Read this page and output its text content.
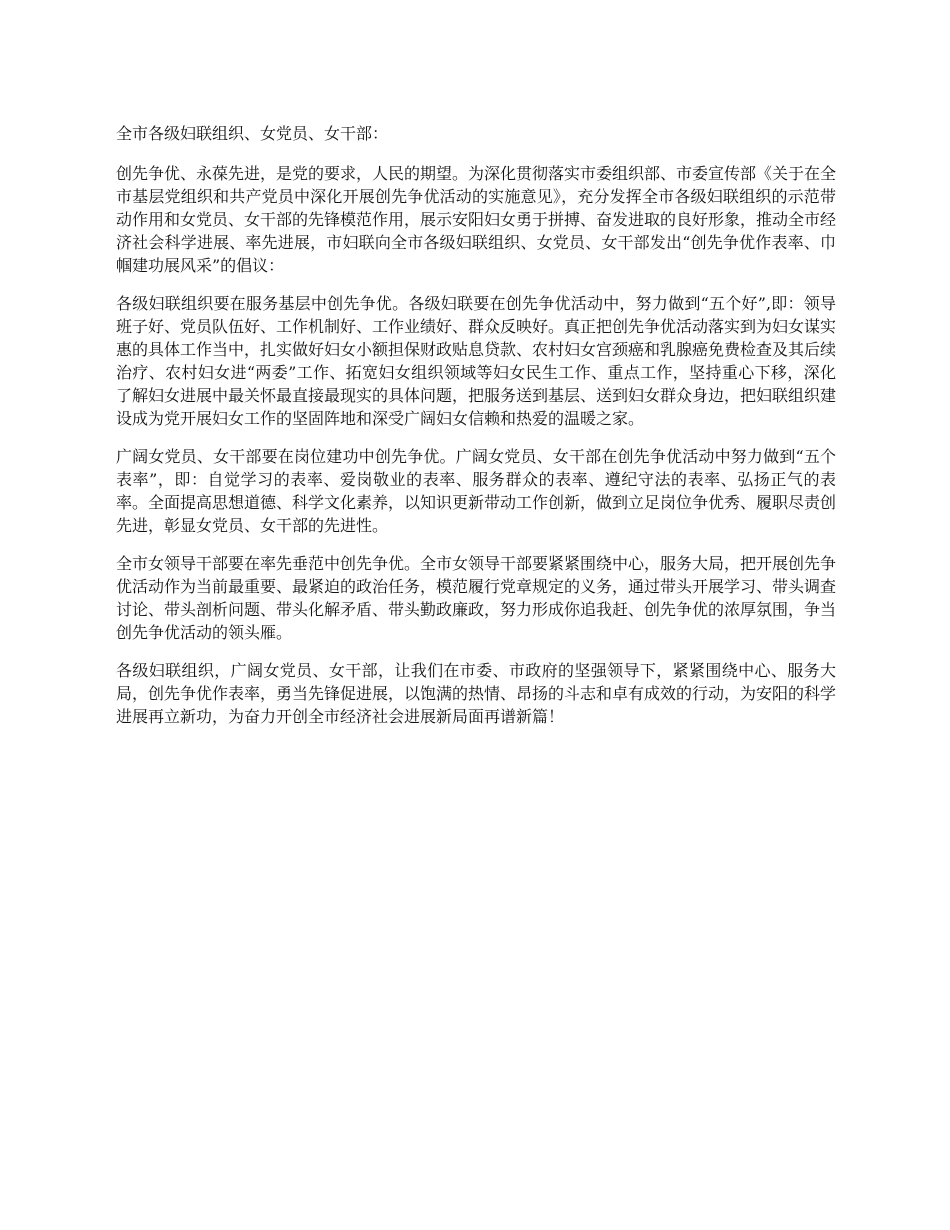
全市各级妇联组织、女党员、女干部：

创先争优、永葆先进，是党的要求，人民的期望。为深化贯彻落实市委组织部、市委宣传部《关于在全市基层党组织和共产党员中深化开展创先争优活动的实施意见》，充分发挥全市各级妇联组织的示范带动作用和女党员、女干部的先锋模范作用，展示安阳妇女勇于拼搏、奋发进取的良好形象，推动全市经济社会科学进展、率先进展，市妇联向全市各级妇联组织、女党员、女干部发出“创先争优作表率、巾帼建功展风采”的倡议：

各级妇联组织要在服务基层中创先争优。各级妇联要在创先争优活动中，努力做到“五个好”,即：领导班子好、党员队伍好、工作机制好、工作业绩好、群众反映好。真正把创先争优活动落实到为妇女谋实惠的具体工作当中，扎实做好妇女小额担保财政贴息贷款、农村妇女宫颈癌和乳腺癌免费检查及其后续治疗、农村妇女进“两委”工作、拓宽妇女组织领域等妇女民生工作、重点工作，坚持重心下移，深化了解妇女进展中最关怀最直接最现实的具体问题，把服务送到基层、送到妇女群众身边，把妇联组织建设成为党开展妇女工作的坚固阵地和深受广阔妇女信赖和热爱的温暖之家。

广阔女党员、女干部要在岗位建功中创先争优。广阔女党员、女干部在创先争优活动中努力做到“五个表率”，即：自觉学习的表率、爱岗敬业的表率、服务群众的表率、遵纪守法的表率、弘扬正气的表率。全面提高思想道德、科学文化素养，以知识更新带动工作创新，做到立足岗位争优秀、履职尽责创先进，彰显女党员、女干部的先进性。

全市女领导干部要在率先垂范中创先争优。全市女领导干部要紧紧围绕中心，服务大局，把开展创先争优活动作为当前最重要、最紧迫的政治任务，模范履行党章规定的义务，通过带头开展学习、带头调查讨论、带头剖析问题、带头化解矛盾、带头勤政廉政，努力形成你追我赶、创先争优的浓厚氛围，争当创先争优活动的领头雁。

各级妇联组织，广阔女党员、女干部，让我们在市委、市政府的坚强领导下，紧紧围绕中心、服务大局，创先争优作表率，勇当先锋促进展，以饱满的热情、昂扬的斗志和卓有成效的行动，为安阳的科学进展再立新功，为奋力开创全市经济社会进展新局面再谱新篇！
